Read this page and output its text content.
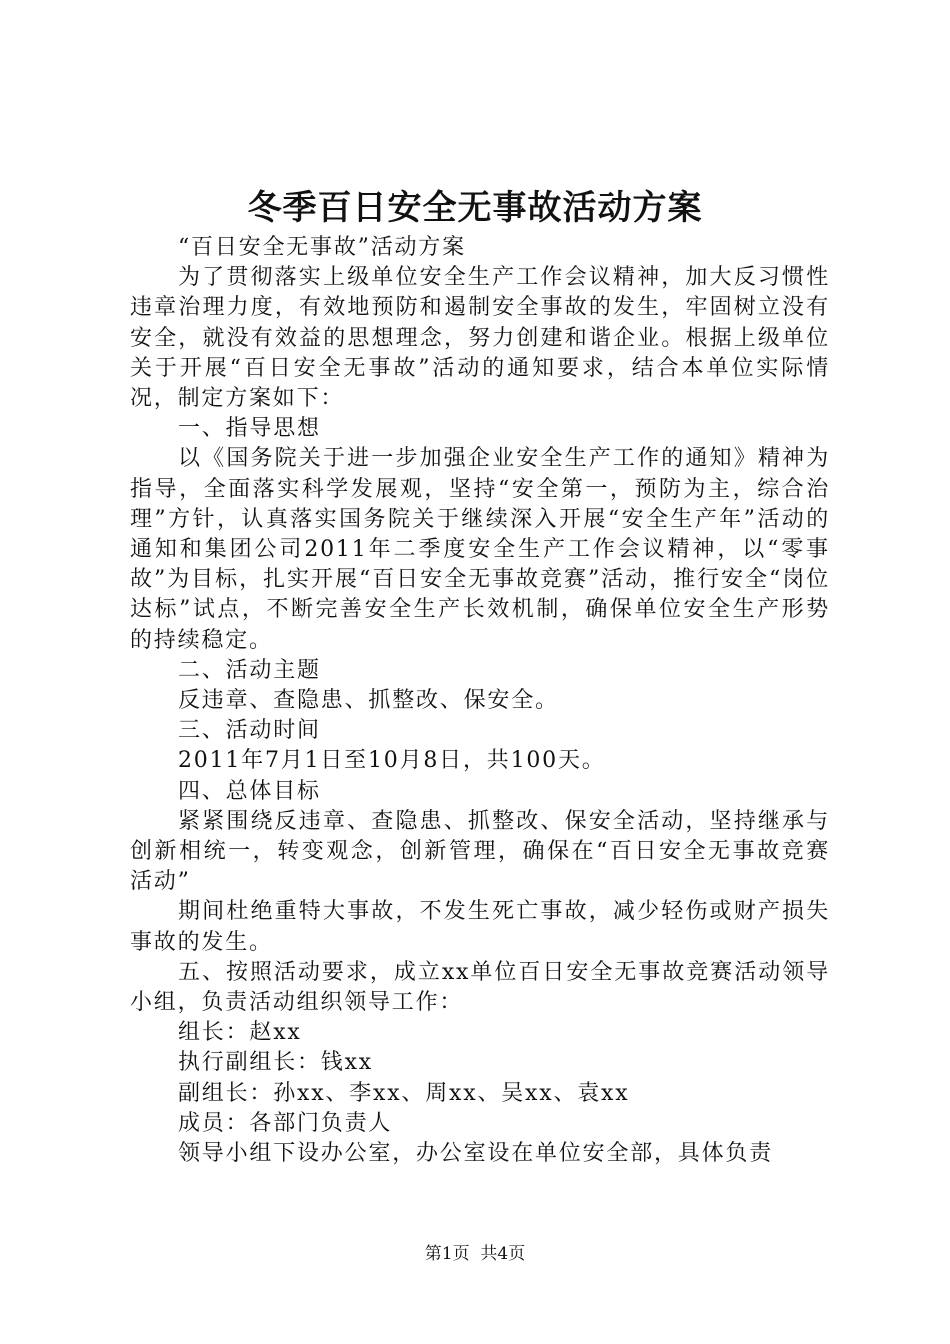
冬季百日安全无事故活动方案

“百日安全无事故”活动方案

为了贯彻落实上级单位安全生产工作会议精神，加大反习惯性违章治理力度，有效地预防和遏制安全事故的发生，牢固树立没有安全，就没有效益的思想理念，努力创建和谐企业。根据上级单位关于开展“百日安全无事故”活动的通知要求，结合本单位实际情况，制定方案如下：

一、指导思想

以《国务院关于进一步加强企业安全生产工作的通知》精神为指导，全面落实科学发展观，坚持“安全第一，预防为主，综合治理”方针，认真落实国务院关于继续深入开展“安全生产年”活动的通知和集团公司2011年二季度安全生产工作会议精神，以“零事故”为目标，扎实开展“百日安全无事故竞赛”活动，推行安全“岗位达标”试点，不断完善安全生产长效机制，确保单位安全生产形势的持续稳定。

二、活动主题

反违章、查隐患、抓整改、保安全。

三、活动时间

2011年7月1日至10月8日，共100天。

四、总体目标

紧紧围绕反违章、查隐患、抓整改、保安全活动，坚持继承与创新相统一，转变观念，创新管理，确保在“百日安全无事故竞赛活动”

期间杜绝重特大事故，不发生死亡事故，减少轻伤或财产损失事故的发生。

五、按照活动要求，成立xx单位百日安全无事故竞赛活动领导小组，负责活动组织领导工作：

组长：赵xx

执行副组长：钱xx

副组长：孙xx、李xx、周xx、吴xx、袁xx

成员：各部门负责人

领导小组下设办公室，办公室设在单位安全部，具体负责

第1页  共4页
